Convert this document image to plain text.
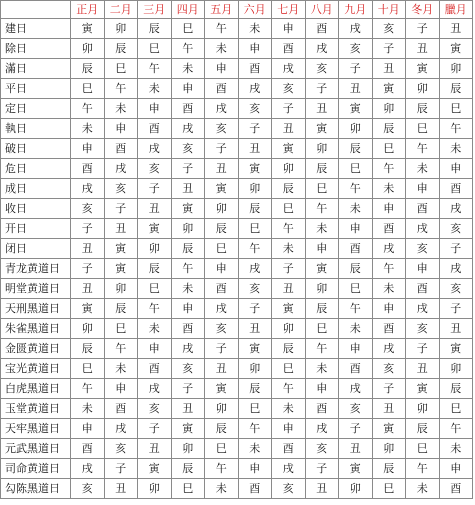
	正月	二月	三月	四月	五月	六月	七月	八月	九月	十月	冬月	臘月
建日	寅	卯	辰	巳	午	未	申	酉	戌	亥	子	丑
除日	卯	辰	巳	午	未	申	酉	戌	亥	子	丑	寅
滿日	辰	巳	午	未	申	酉	戌	亥	子	丑	寅	卯
平日	巳	午	未	申	酉	戌	亥	子	丑	寅	卯	辰
定日	午	未	申	酉	戌	亥	子	丑	寅	卯	辰	巳
執日	未	申	酉	戌	亥	子	丑	寅	卯	辰	巳	午
破日	申	酉	戌	亥	子	丑	寅	卯	辰	巳	午	未
危日	酉	戌	亥	子	丑	寅	卯	辰	巳	午	未	申
成日	戌	亥	子	丑	寅	卯	辰	巳	午	未	申	酉
收日	亥	子	丑	寅	卯	辰	巳	午	未	申	酉	戌
开日	子	丑	寅	卯	辰	巳	午	未	申	酉	戌	亥
闭日	丑	寅	卯	辰	巳	午	未	申	酉	戌	亥	子
青龙黄道日	子	寅	辰	午	申	戌	子	寅	辰	午	申	戌
明堂黄道日	丑	卯	巳	未	酉	亥	丑	卯	巳	未	酉	亥
天刑黑道日	寅	辰	午	申	戌	子	寅	辰	午	申	戌	子
朱雀黑道日	卯	巳	未	酉	亥	丑	卯	巳	未	酉	亥	丑
金匮黄道日	辰	午	申	戌	子	寅	辰	午	申	戌	子	寅
宝光黄道日	巳	未	酉	亥	丑	卯	巳	未	酉	亥	丑	卯
白虎黑道日	午	申	戌	子	寅	辰	午	申	戌	子	寅	辰
玉堂黄道日	未	酉	亥	丑	卯	巳	未	酉	亥	丑	卯	巳
天牢黑道日	申	戌	子	寅	辰	午	申	戌	子	寅	辰	午
元武黑道日	酉	亥	丑	卯	巳	未	酉	亥	丑	卯	巳	未
司命黄道日	戌	子	寅	辰	午	申	戌	子	寅	辰	午	申
勾陈黑道日	亥	丑	卯	巳	未	酉	亥	丑	卯	巳	未	酉
